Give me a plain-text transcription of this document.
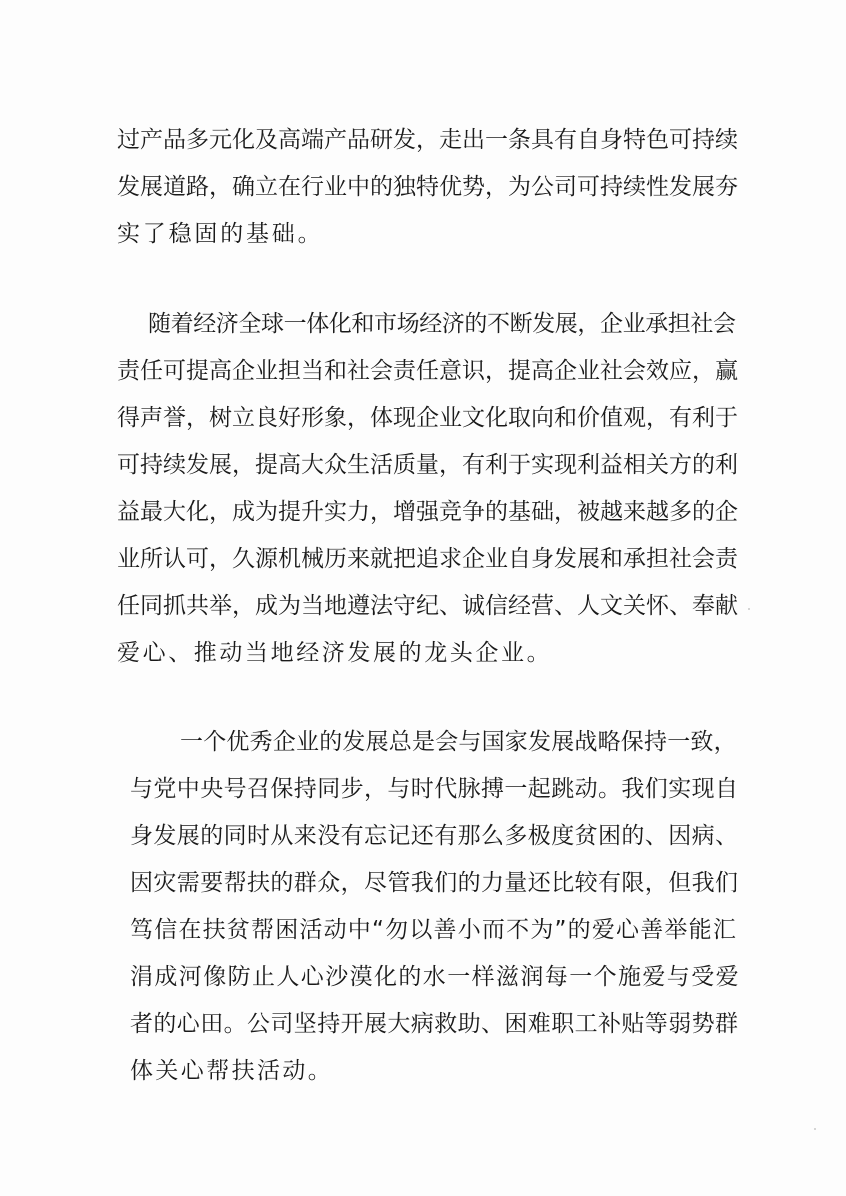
过产品多元化及高端产品研发，走出一条具有自身特色可持续

发展道路，确立在行业中的独特优势，为公司可持续性发展夯

实了稳固的基础。

随着经济全球一体化和市场经济的不断发展，企业承担社会

责任可提高企业担当和社会责任意识，提高企业社会效应，赢

得声誉，树立良好形象，体现企业文化取向和价值观，有利于

可持续发展，提高大众生活质量，有利于实现利益相关方的利

益最大化，成为提升实力，增强竞争的基础，被越来越多的企

业所认可，久源机械历来就把追求企业自身发展和承担社会责

任同抓共举，成为当地遵法守纪、诚信经营、人文关怀、奉献

爱心、推动当地经济发展的龙头企业。

一个优秀企业的发展总是会与国家发展战略保持一致，

与党中央号召保持同步，与时代脉搏一起跳动。我们实现自

身发展的同时从来没有忘记还有那么多极度贫困的、因病、

因灾需要帮扶的群众，尽管我们的力量还比较有限，但我们

笃信在扶贫帮困活动中“勿以善小而不为”的爱心善举能汇

涓成河像防止人心沙漠化的水一样滋润每一个施爱与受爱

者的心田。公司坚持开展大病救助、困难职工补贴等弱势群

体关心帮扶活动。
